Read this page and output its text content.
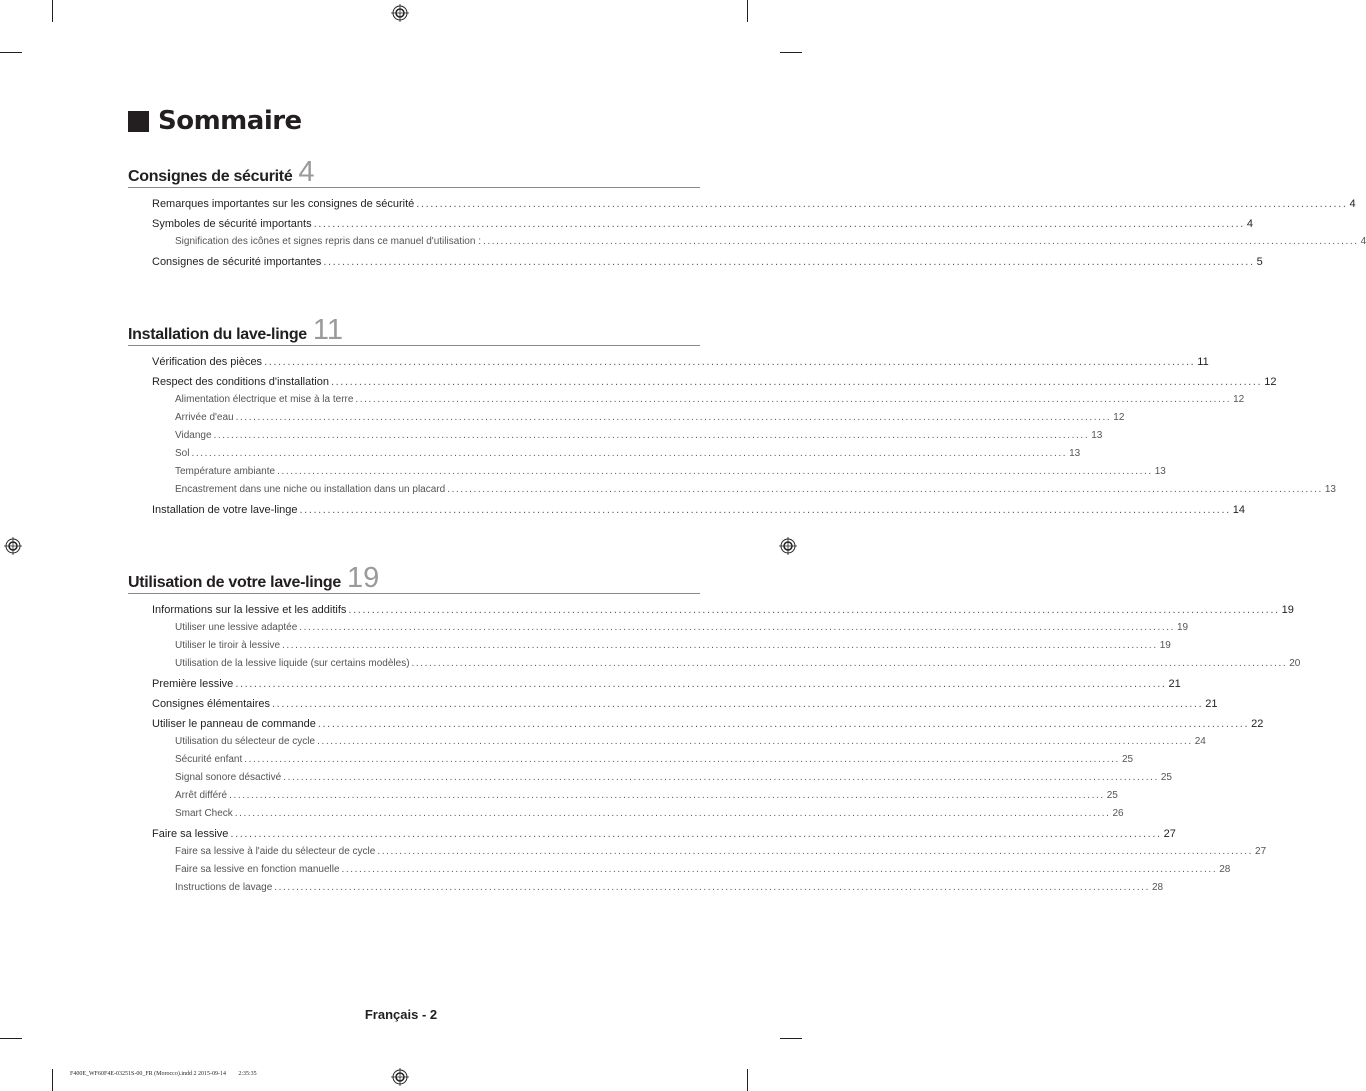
Sommaire
Consignes de sécurité 4
Remarques importantes sur les consignes de sécurité ........................................................................................................................................................................................................ 4
Symboles de sécurité importants ........................................................................................................................................................................................................ 4
Signification des icônes et signes repris dans ce manuel d'utilisation : ........................................................................................................................................................................................................ 4
Consignes de sécurité importantes ........................................................................................................................................................................................................ 5
Installation du lave-linge 11
Vérification des pièces ........................................................................................................................................................................................................ 11
Respect des conditions d'installation ........................................................................................................................................................................................................ 12
Alimentation électrique et mise à la terre ........................................................................................................................................................................................................ 12
Arrivée d'eau ........................................................................................................................................................................................................ 12
Vidange ........................................................................................................................................................................................................ 13
Sol ........................................................................................................................................................................................................ 13
Température ambiante ........................................................................................................................................................................................................ 13
Encastrement dans une niche ou installation dans un placard ........................................................................................................................................................................................................ 13
Installation de votre lave-linge ........................................................................................................................................................................................................ 14
Utilisation de votre lave-linge 19
Informations sur la lessive et les additifs ........................................................................................................................................................................................................ 19
Utiliser une lessive adaptée ........................................................................................................................................................................................................ 19
Utiliser le tiroir à lessive ........................................................................................................................................................................................................ 19
Utilisation de la lessive liquide (sur certains modèles) ........................................................................................................................................................................................................ 20
Première lessive ........................................................................................................................................................................................................ 21
Consignes élémentaires ........................................................................................................................................................................................................ 21
Utiliser le panneau de commande ........................................................................................................................................................................................................ 22
Utilisation du sélecteur de cycle ........................................................................................................................................................................................................ 24
Sécurité enfant ........................................................................................................................................................................................................ 25
Signal sonore désactivé ........................................................................................................................................................................................................ 25
Arrêt différé ........................................................................................................................................................................................................ 25
Smart Check ........................................................................................................................................................................................................ 26
Faire sa lessive ........................................................................................................................................................................................................ 27
Faire sa lessive à l'aide du sélecteur de cycle ........................................................................................................................................................................................................ 27
Faire sa lessive en fonction manuelle ........................................................................................................................................................................................................ 28
Instructions de lavage ........................................................................................................................................................................................................ 28
Français - 2
F400E_WF60F4E-03251S-00_FR (Morocco).indd 2 2015-09-14 ￿￿ 2:35:35
